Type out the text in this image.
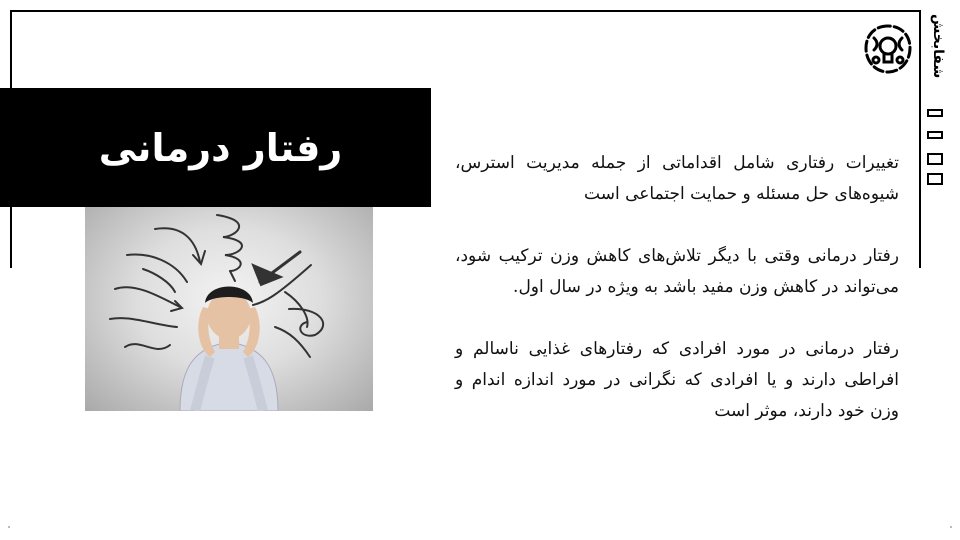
رفتار درمانی	تغییرات رفتاری شامل اقداماتی از جمله مدیریت استرس، شیوه‌های حل مسئله و حمایت اجتماعی است

رفتار درمانی وقتی با دیگر تلاش‌های کاهش وزن ترکیب شود، می‌تواند در کاهش وزن مفید باشد به ویژه در سال اول.

رفتار درمانی در مورد افرادی که رفتارهای غذایی ناسالم و افراطی دارند و یا افرادی که نگرانی در مورد اندازه اندام و وزن خود دارند، موثر است

شفابخش
